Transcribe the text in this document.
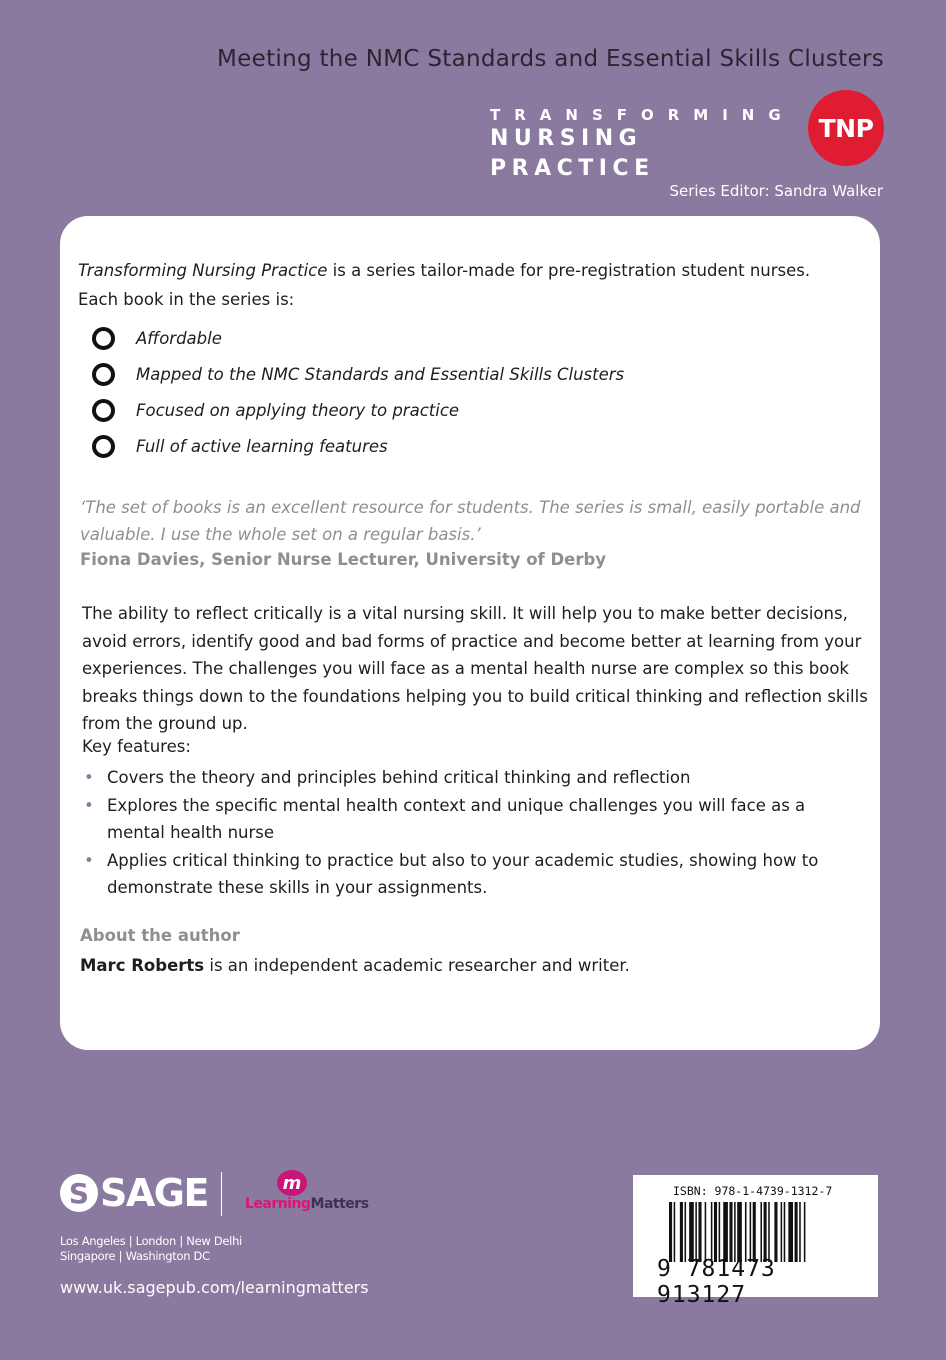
Meeting the NMC Standards and Essential Skills Clusters
TRANSFORMING
NURSING PRACTICE
TNP
Series Editor: Sandra Walker
Transforming Nursing Practice is a series tailor-made for pre-registration student nurses.
Each book in the series is:
Affordable
Mapped to the NMC Standards and Essential Skills Clusters
Focused on applying theory to practice
Full of active learning features
‘The set of books is an excellent resource for students. The series is small, easily portable and valuable. I use the whole set on a regular basis.’
Fiona Davies, Senior Nurse Lecturer, University of Derby
The ability to reflect critically is a vital nursing skill. It will help you to make better decisions, avoid errors, identify good and bad forms of practice and become better at learning from your experiences. The challenges you will face as a mental health nurse are complex so this book breaks things down to the foundations helping you to build critical thinking and reflection skills from the ground up.
Key features:
• Covers the theory and principles behind critical thinking and reflection
• Explores the specific mental health context and unique challenges you will face as a mental health nurse
• Applies critical thinking to practice but also to your academic studies, showing how to demonstrate these skills in your assignments.
About the author
Marc Roberts is an independent academic researcher and writer.
S SAGE	m
LearningMatters
Los Angeles | London | New Delhi
Singapore | Washington DC
www.uk.sagepub.com/learningmatters
ISBN: 978-1-4739-1312-7
9 781473 913127
